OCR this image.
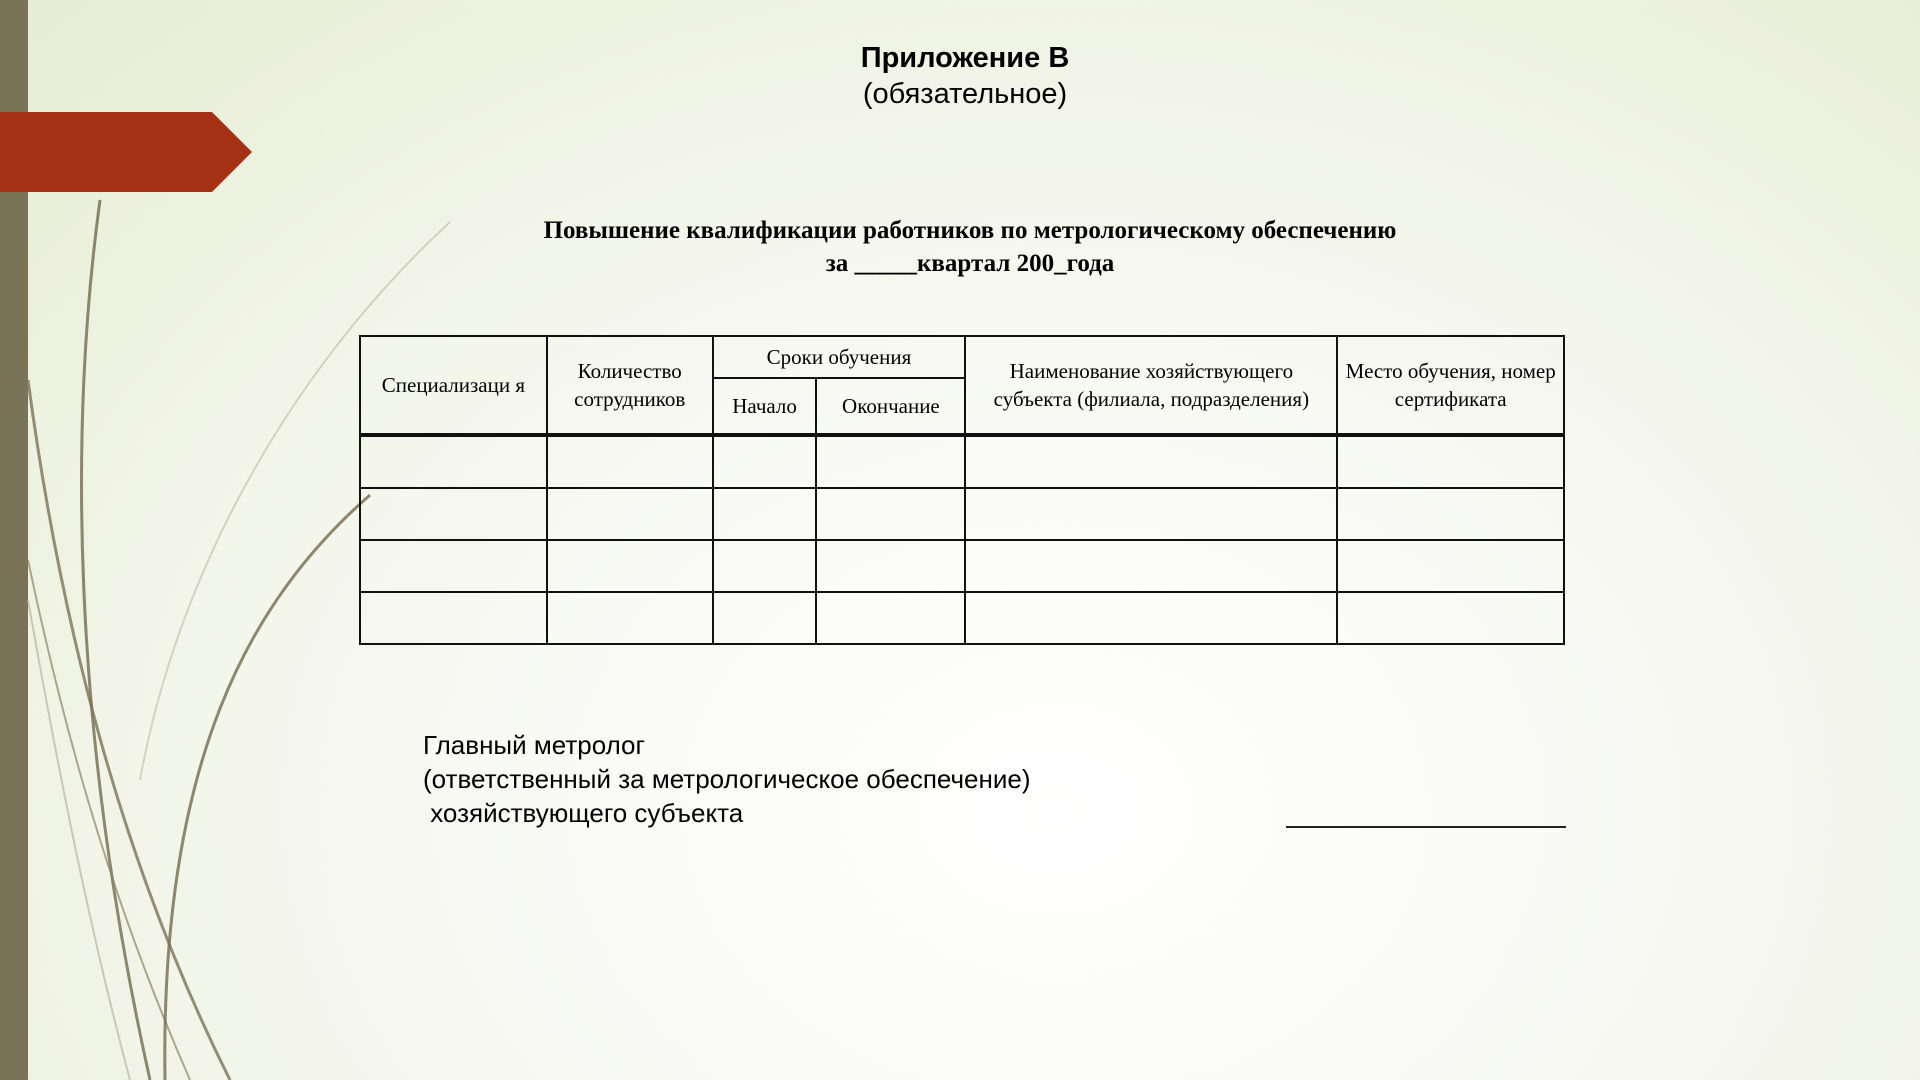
Приложение В
(обязательное)
Повышение квалификации работников по метрологическому обеспечению
за _____квартал 200_года
Специализаци я	Количество сотрудников	Сроки обучения		Наименование хозяйствующего субъекта (филиала, подразделения)	Место обучения, номер сертификата
		Начало	Окончание		

Главный метролог
(ответственный за метрологическое обеспечение)
хозяйствующего субъекта
